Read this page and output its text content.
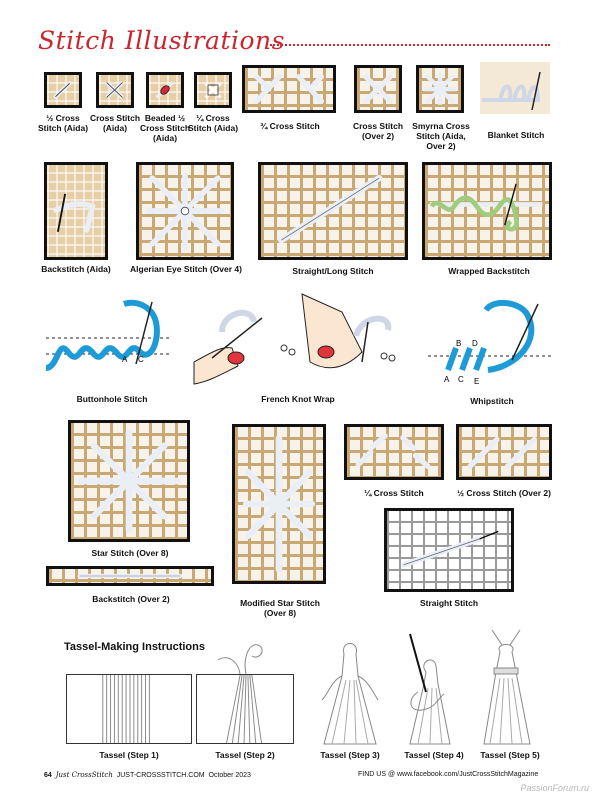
Stitch Illustrations
½ Cross Stitch (Aida)
Cross Stitch (Aida)
Beaded ½ Cross Stitch (Aida)
¼ Cross Stitch (Aida)	¾ Cross Stitch	Cross Stitch (Over 2)
Smyrna Cross Stitch (Aida, Over 2)
Blanket Stitch
Backstitch (Aida)	Algerian Eye Stitch (Over 4)	Straight/Long Stitch	Wrapped Backstitch
A C
Buttonhole Stitch	French Knot Wrap
A C E
B D
Whipstitch
Star Stitch (Over 8)
Modified Star Stitch (Over 8)
¼ Cross Stitch	½ Cross Stitch (Over 2)
Straight Stitch
Backstitch (Over 2)
Tassel-Making Instructions
Tassel (Step 1)	Tassel (Step 2)	Tassel (Step 3)	Tassel (Step 4)	Tassel (Step 5)
64 Just CrossStitch JUST-CROSSSTITCH.COM October 2023	FIND US @ www.facebook.com/JustCrossStitchMagazine
PassionForum.ru
